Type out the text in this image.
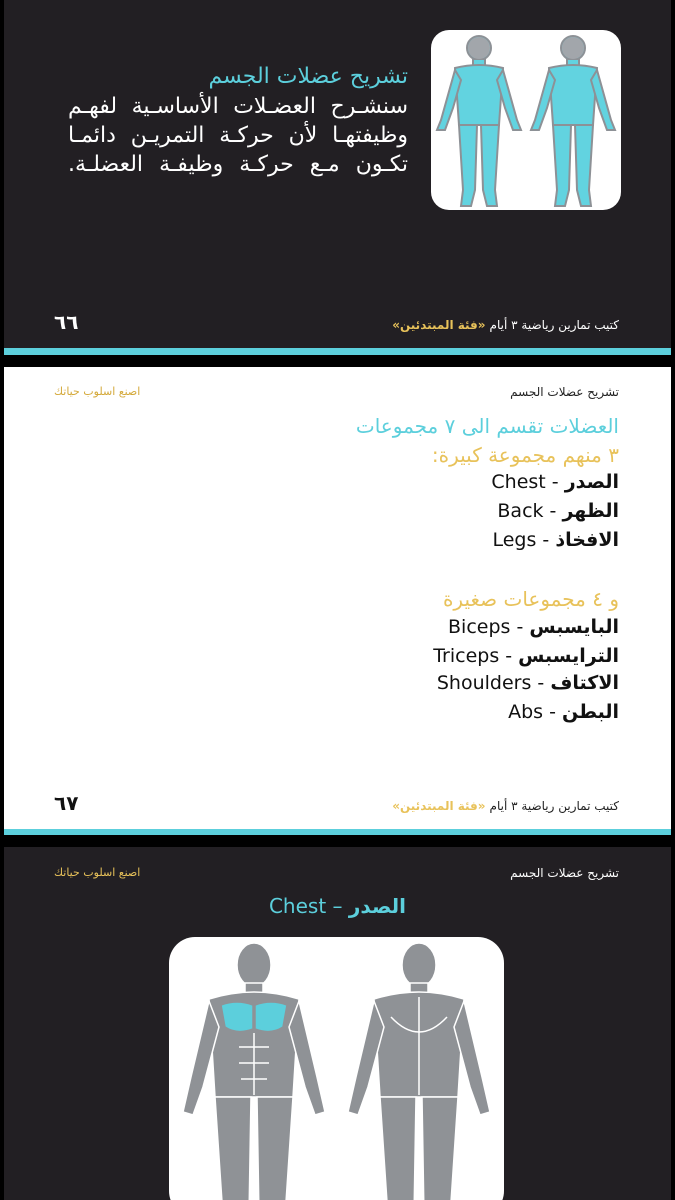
تشريح عضلات الجسم
سنشـرح العضـلات الأساسـية لفهـم
وظيفتهـا لأن حركـة التمريـن دائمـا
تكـون مـع حركـة وظيفـة العضلـة.
٦٦	كتيب تمارين رياضية ٣ أيام
«فئة المبتدئين»
تشريح عضلات الجسم
اصنع اسلوب حياتك
العضلات تقسم الى ٧ مجموعات
٣ منهم مجموعة كبيرة:
الصدر Chest -
الظهر Back -
الافخاذ Legs -
و ٤ مجموعات صغيرة
البايسبس Biceps -
الترايسبس Triceps -
الاكتاف Shoulders -
البطن Abs -
٦٧	كتيب تمارين رياضية ٣ أيام
«فئة المبتدئين»
تشريح عضلات الجسم
اصنع اسلوب حياتك
Chest – الصدر
